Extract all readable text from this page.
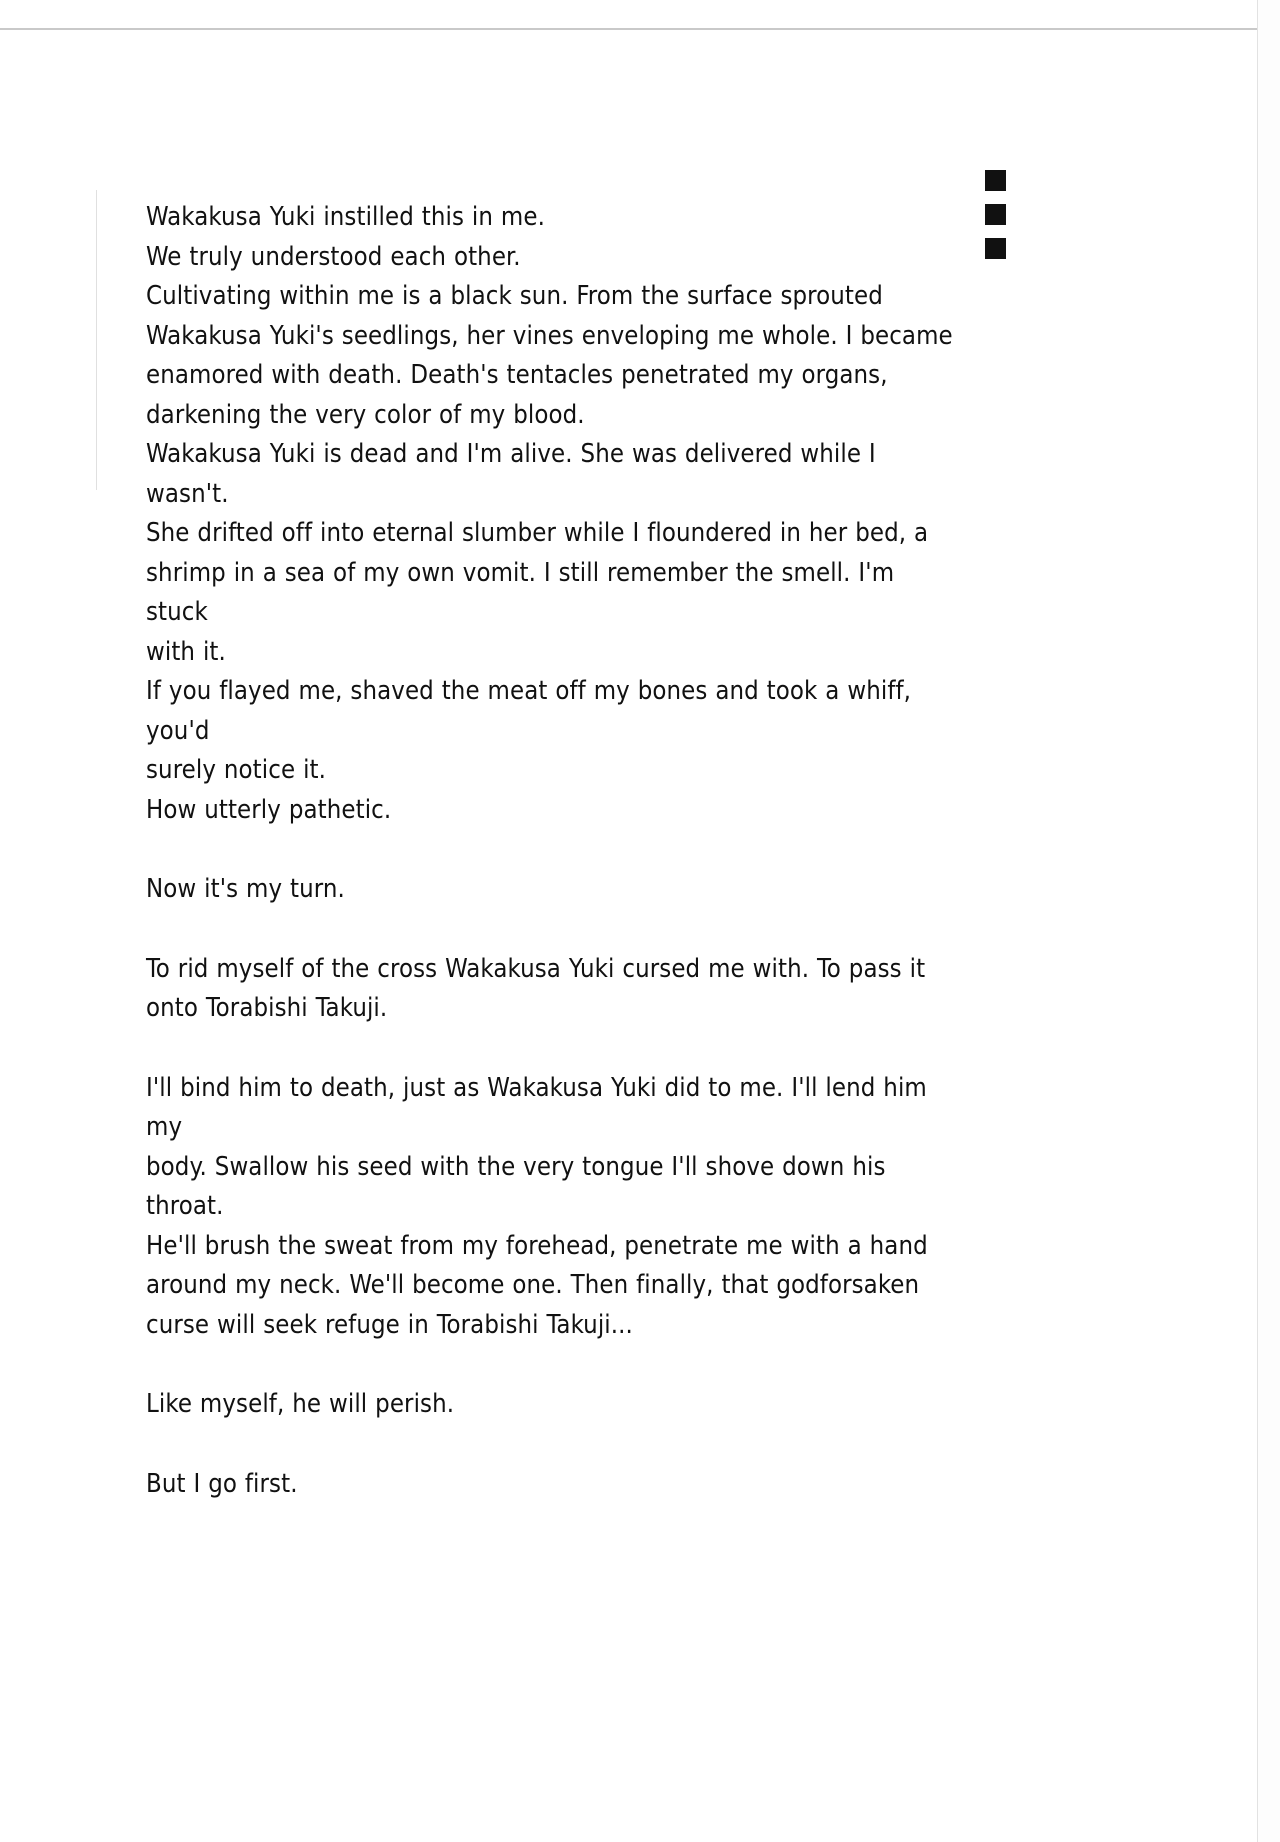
Wakakusa Yuki instilled this in me.
We truly understood each other.
Cultivating within me is a black sun. From the surface sprouted
Wakakusa Yuki's seedlings, her vines enveloping me whole. I became
enamored with death. Death's tentacles penetrated my organs,
darkening the very color of my blood.
Wakakusa Yuki is dead and I'm alive. She was delivered while I wasn't.
She drifted off into eternal slumber while I floundered in her bed, a
shrimp in a sea of my own vomit. I still remember the smell. I'm stuck
with it.
If you flayed me, shaved the meat off my bones and took a whiff, you'd
surely notice it.
How utterly pathetic.
Now it's my turn.
To rid myself of the cross Wakakusa Yuki cursed me with. To pass it
onto Torabishi Takuji.
I'll bind him to death, just as Wakakusa Yuki did to me. I'll lend him my
body. Swallow his seed with the very tongue I'll shove down his throat.
He'll brush the sweat from my forehead, penetrate me with a hand
around my neck. We'll become one. Then finally, that godforsaken
curse will seek refuge in Torabishi Takuji...
Like myself, he will perish.
But I go first.
